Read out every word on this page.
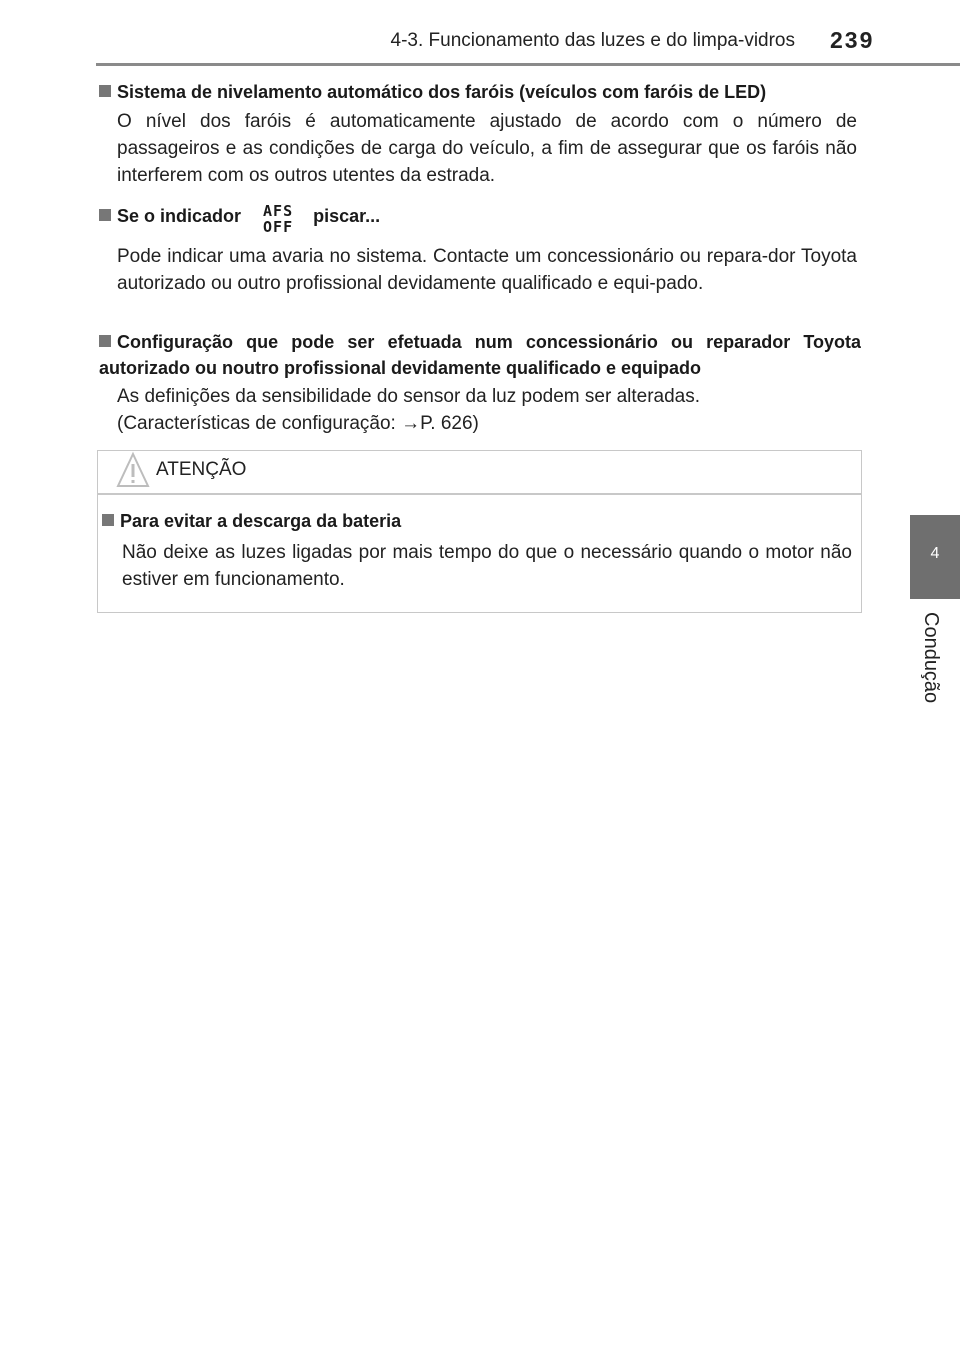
4-3. Funcionamento das luzes e do limpa-vidros 239
4
Condução
Sistema de nivelamento automático dos faróis (veículos com faróis de LED)
O nível dos faróis é automaticamente ajustado de acordo com o número de passageiros e as condições de carga do veículo, a fim de assegurar que os faróis não interferem com os outros utentes da estrada.
Se o indicador AFS
OFFpiscar...
Pode indicar uma avaria no sistema. Contacte um concessionário ou repara-dor Toyota autorizado ou outro profissional devidamente qualificado e equi-pado.
Configuração que pode ser efetuada num concessionário ou reparador Toyota autorizado ou noutro profissional devidamente qualificado e equipado
As definições da sensibilidade do sensor da luz podem ser alteradas.
(Características de configuração: →P. 626)
ATENÇÃO
Para evitar a descarga da bateria
Não deixe as luzes ligadas por mais tempo do que o necessário quando o motor não estiver em funcionamento.
